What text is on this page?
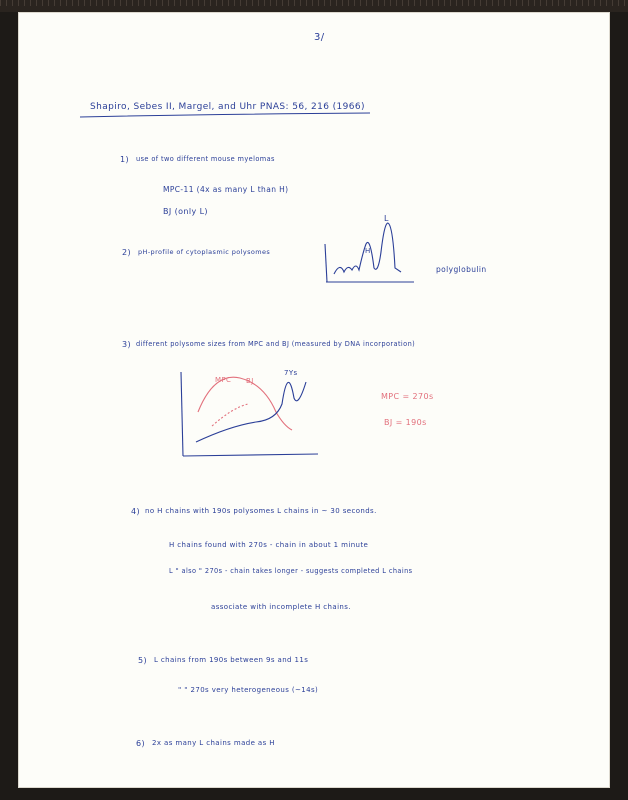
3/
Shapiro, Sebes II, Margel, and Uhr PNAS: 56, 216 (1966)
1) use of two different mouse myelomas
MPC-11 (4x as many L than H)
BJ (only L)
2) pH-profile of cytoplasmic polysomes
3) different polysome sizes from MPC and BJ (measured by DNA incorporation)
4) no H chains with 190s polysomes L chains in ~ 30 seconds.
H chains found with 270s - chain in about 1 minute
L " also " 270s - chain takes longer - suggests completed L chains
associate with incomplete H chains.
5) L chains from 190s between 9s and 11s
" " 270s very heterogeneous (~14s)
6) 2x as many L chains made as H
H
L
polyglobulin
MPC BJ
7Ys
MPC = 270s
BJ = 190s
